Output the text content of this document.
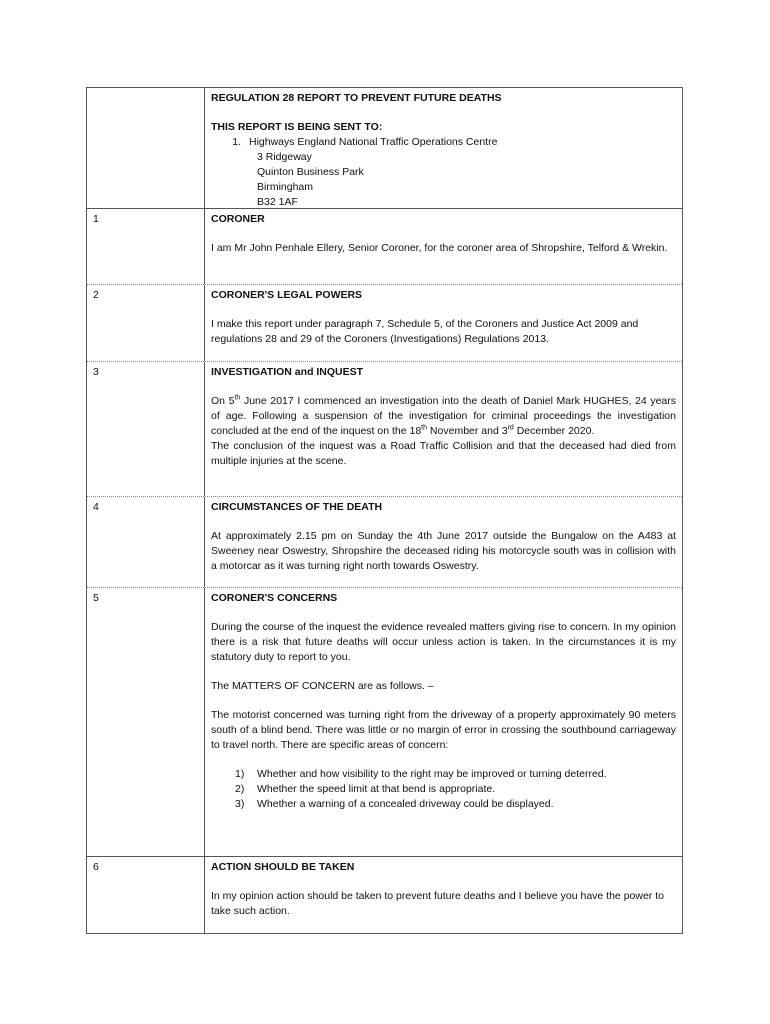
REGULATION 28 REPORT TO PREVENT FUTURE DEATHS

THIS REPORT IS BEING SENT TO:

1. Highways England National Traffic Operations Centre

3 Ridgeway

Quinton Business Park

Birmingham

B32 1AF

1	CORONER

I am Mr John Penhale Ellery, Senior Coroner, for the coroner area of Shropshire, Telford & Wrekin.

2	CORONER'S LEGAL POWERS

I make this report under paragraph 7, Schedule 5, of the Coroners and Justice Act 2009 and regulations 28 and 29 of the Coroners (Investigations) Regulations 2013.

3	INVESTIGATION and INQUEST

On 5th June 2017 I commenced an investigation into the death of Daniel Mark HUGHES, 24 years of age. Following a suspension of the investigation for criminal proceedings the investigation concluded at the end of the inquest on the 18th November and 3rd December 2020.

The conclusion of the inquest was a Road Traffic Collision and that the deceased had died from multiple injuries at the scene.

4	CIRCUMSTANCES OF THE DEATH

At approximately 2.15 pm on Sunday the 4th June 2017 outside the Bungalow on the A483 at Sweeney near Oswestry, Shropshire the deceased riding his motorcycle south was in collision with a motorcar as it was turning right north towards Oswestry.

5	CORONER'S CONCERNS

During the course of the inquest the evidence revealed matters giving rise to concern. In my opinion there is a risk that future deaths will occur unless action is taken. In the circumstances it is my statutory duty to report to you.

The MATTERS OF CONCERN are as follows. –

The motorist concerned was turning right from the driveway of a property approximately 90 meters south of a blind bend. There was little or no margin of error in crossing the southbound carriageway to travel north. There are specific areas of concern:

1)	Whether and how visibility to the right may be improved or turning deterred.
2)	Whether the speed limit at that bend is appropriate.
3)	Whether a warning of a concealed driveway could be displayed.
6	ACTION SHOULD BE TAKEN

In my opinion action should be taken to prevent future deaths and I believe you have the power to take such action.
